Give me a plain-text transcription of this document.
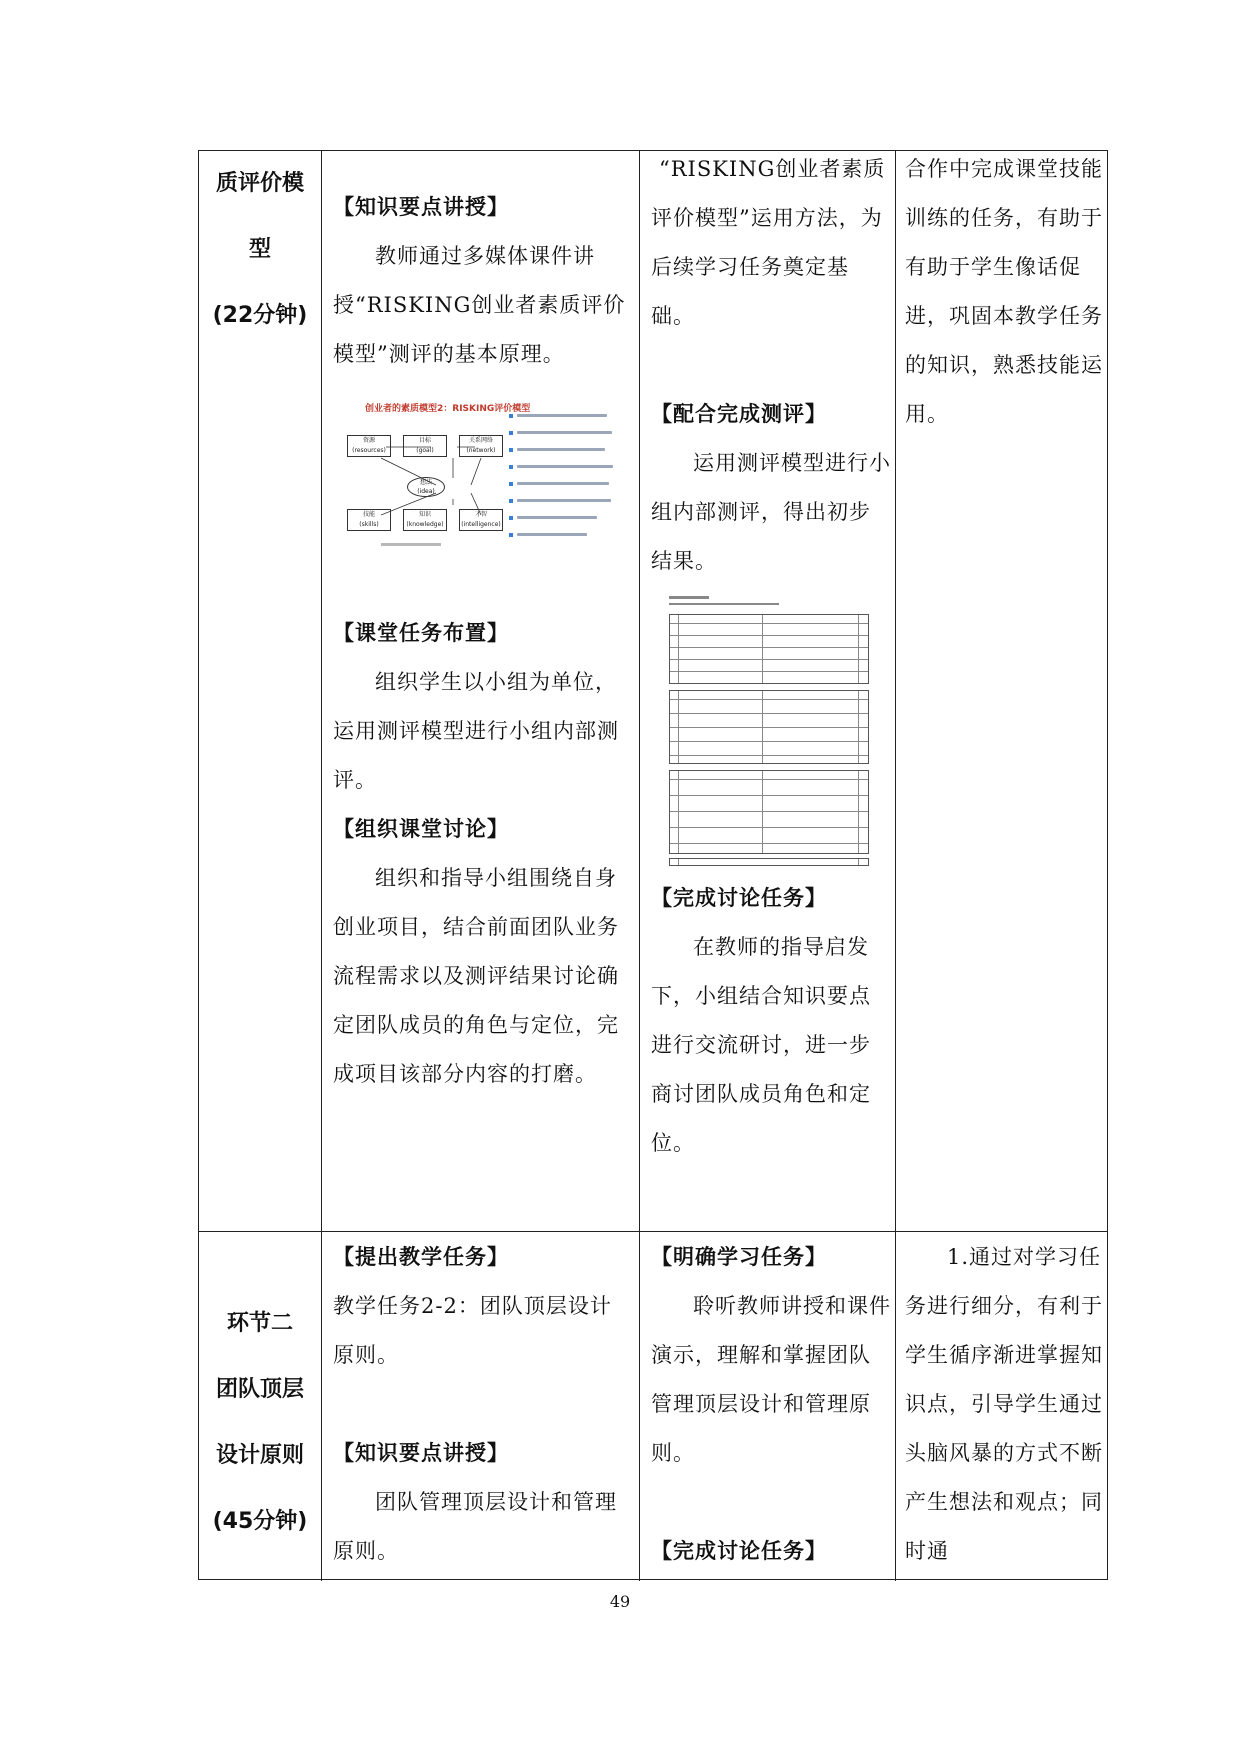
质评价模
型
(22分钟)

【知识要点讲授】

教师通过多媒体课件讲授“RISKING创业者素质评价模型”测评的基本原理。

创业者的素质模型2：RISKING评价模型
资源
(resources)
目标
(goal)
关系网络
(network)
想法
(idea)
技能
(skills)
知识
(knowledge)
才智
(intelligence)

【课堂任务布置】

组织学生以小组为单位，运用测评模型进行小组内部测评。

【组织课堂讨论】

组织和指导小组围绕自身创业项目，结合前面团队业务流程需求以及测评结果讨论确定团队成员的角色与定位，完成项目该部分内容的打磨。

“RISKING创业者素质评价模型”运用方法，为后续学习任务奠定基础。

【配合完成测评】

运用测评模型进行小组内部测评，得出初步结果。

【完成讨论任务】

在教师的指导启发下，小组结合知识要点进行交流研讨，进一步商讨团队成员角色和定位。

合作中完成课堂技能训练的任务，有助于有助于学生像话促进，巩固本教学任务的知识，熟悉技能运用。

环节二
团队顶层
设计原则
(45分钟)

【提出教学任务】

教学任务2-2：团队顶层设计原则。

【知识要点讲授】

团队管理顶层设计和管理原则。

【明确学习任务】

聆听教师讲授和课件演示，理解和掌握团队管理顶层设计和管理原则。

【完成讨论任务】

1.通过对学习任务进行细分，有利于学生循序渐进掌握知识点，引导学生通过头脑风暴的方式不断产生想法和观点；同时通

49
